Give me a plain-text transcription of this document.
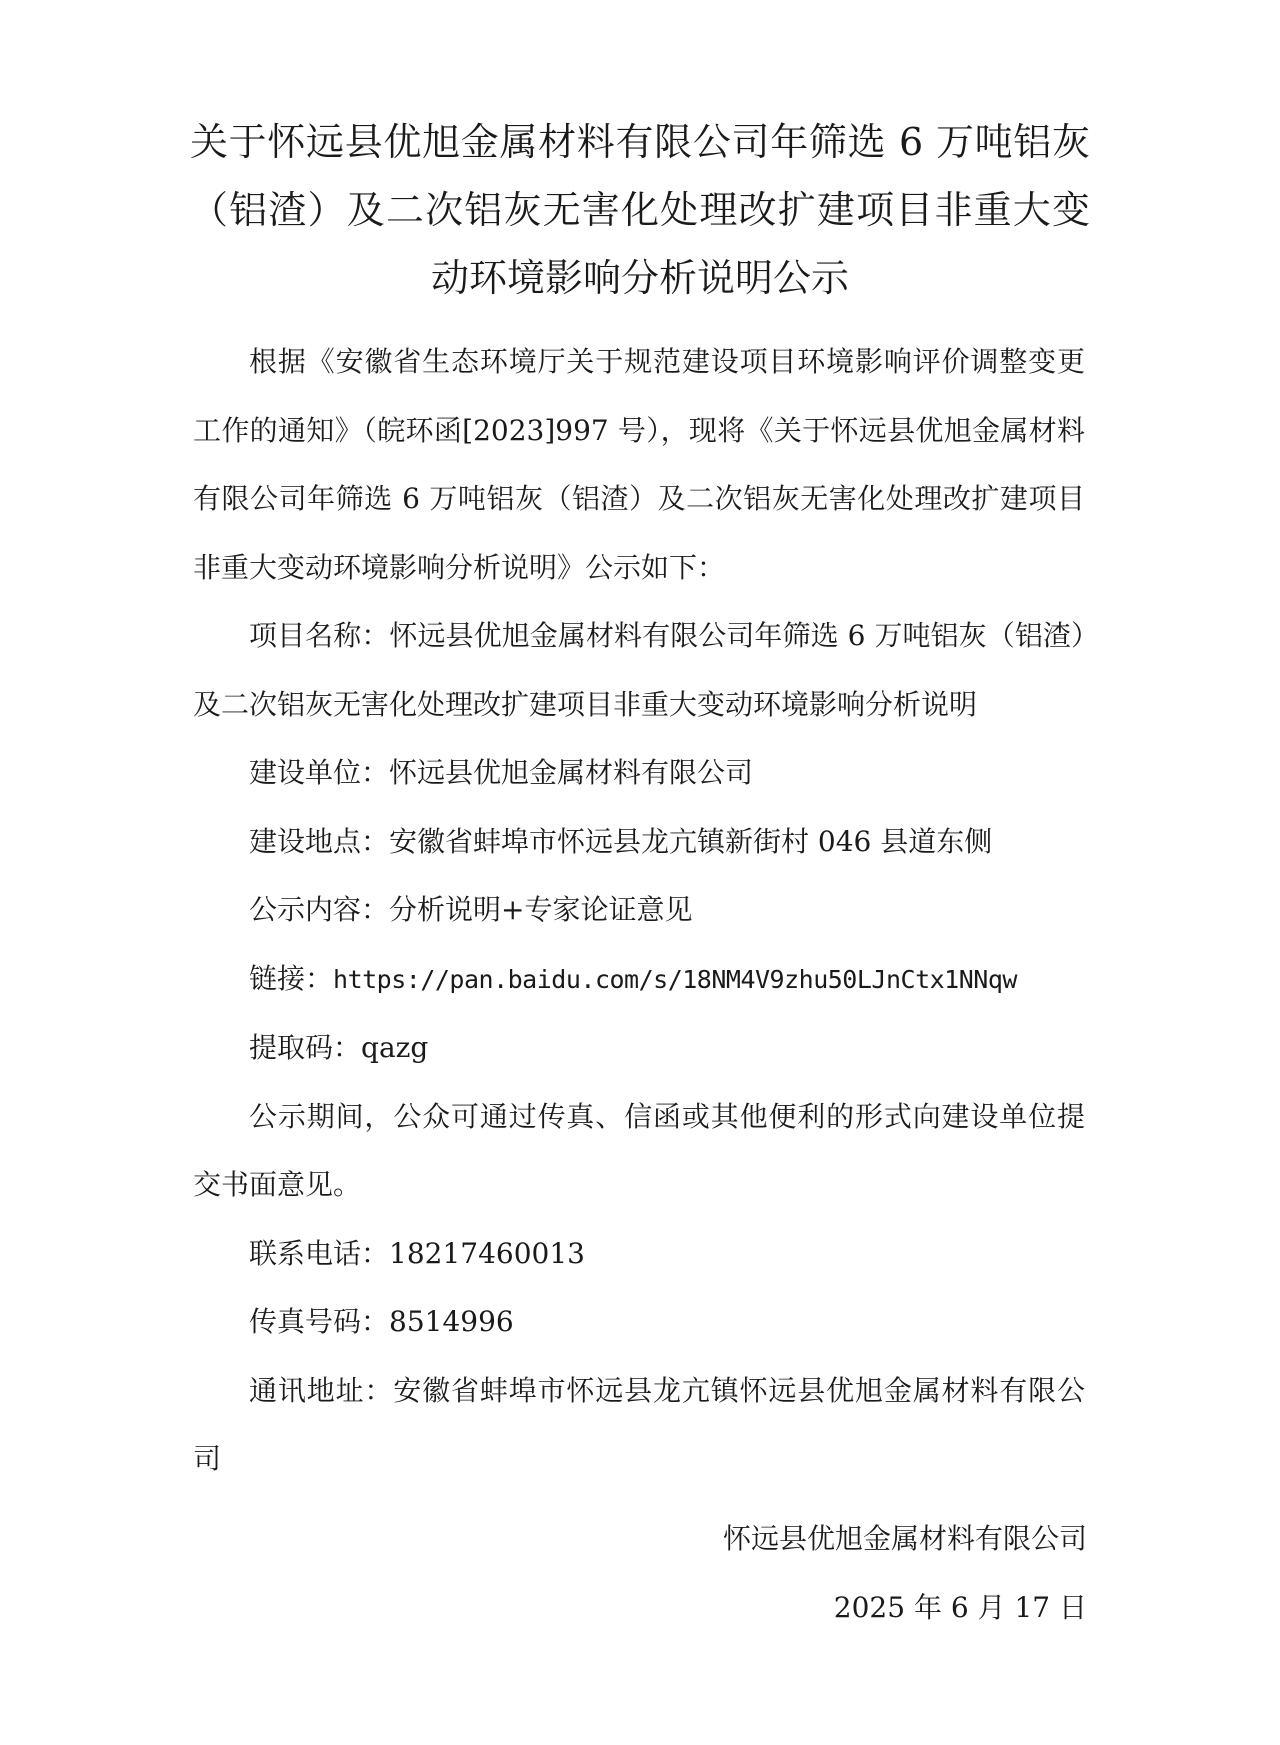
关于怀远县优旭金属材料有限公司年筛选 6 万吨铝灰（铝渣）及二次铝灰无害化处理改扩建项目非重大变动环境影响分析说明公示

根据《安徽省生态环境厅关于规范建设项目环境影响评价调整变更工作的通知》（皖环函[2023]997 号），现将《关于怀远县优旭金属材料有限公司年筛选 6 万吨铝灰（铝渣）及二次铝灰无害化处理改扩建项目非重大变动环境影响分析说明》公示如下：

项目名称：怀远县优旭金属材料有限公司年筛选 6 万吨铝灰（铝渣）及二次铝灰无害化处理改扩建项目非重大变动环境影响分析说明

建设单位：怀远县优旭金属材料有限公司

建设地点：安徽省蚌埠市怀远县龙亢镇新街村 046 县道东侧

公示内容：分析说明+专家论证意见

链接：https://pan.baidu.com/s/18NM4V9zhu50LJnCtx1NNqw

提取码：qazg

公示期间，公众可通过传真、信函或其他便利的形式向建设单位提交书面意见。

联系电话：18217460013

传真号码：8514996

通讯地址：安徽省蚌埠市怀远县龙亢镇怀远县优旭金属材料有限公司

怀远县优旭金属材料有限公司
2025 年 6 月 17 日
